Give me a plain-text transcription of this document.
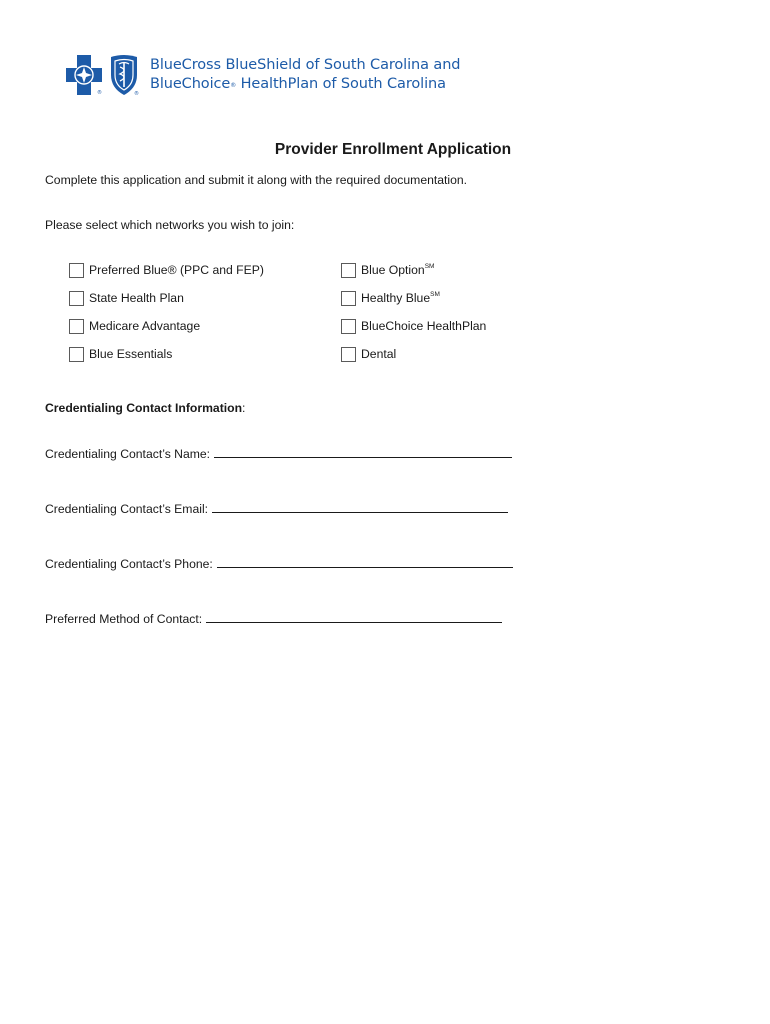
®	®
BlueCross BlueShield of South Carolina and
BlueChoice® HealthPlan of South Carolina
Provider Enrollment Application
Complete this application and submit it along with the required documentation.
Please select which networks you wish to join:
Preferred Blue® (PPC and FEP)	Blue Option℠
State Health Plan	Healthy Blue℠
Medicare Advantage	BlueChoice HealthPlan
Blue Essentials	Dental
Credentialing Contact Information:
Credentialing Contact’s Name:
Credentialing Contact’s Email:
Credentialing Contact’s Phone:
Preferred Method of Contact:
